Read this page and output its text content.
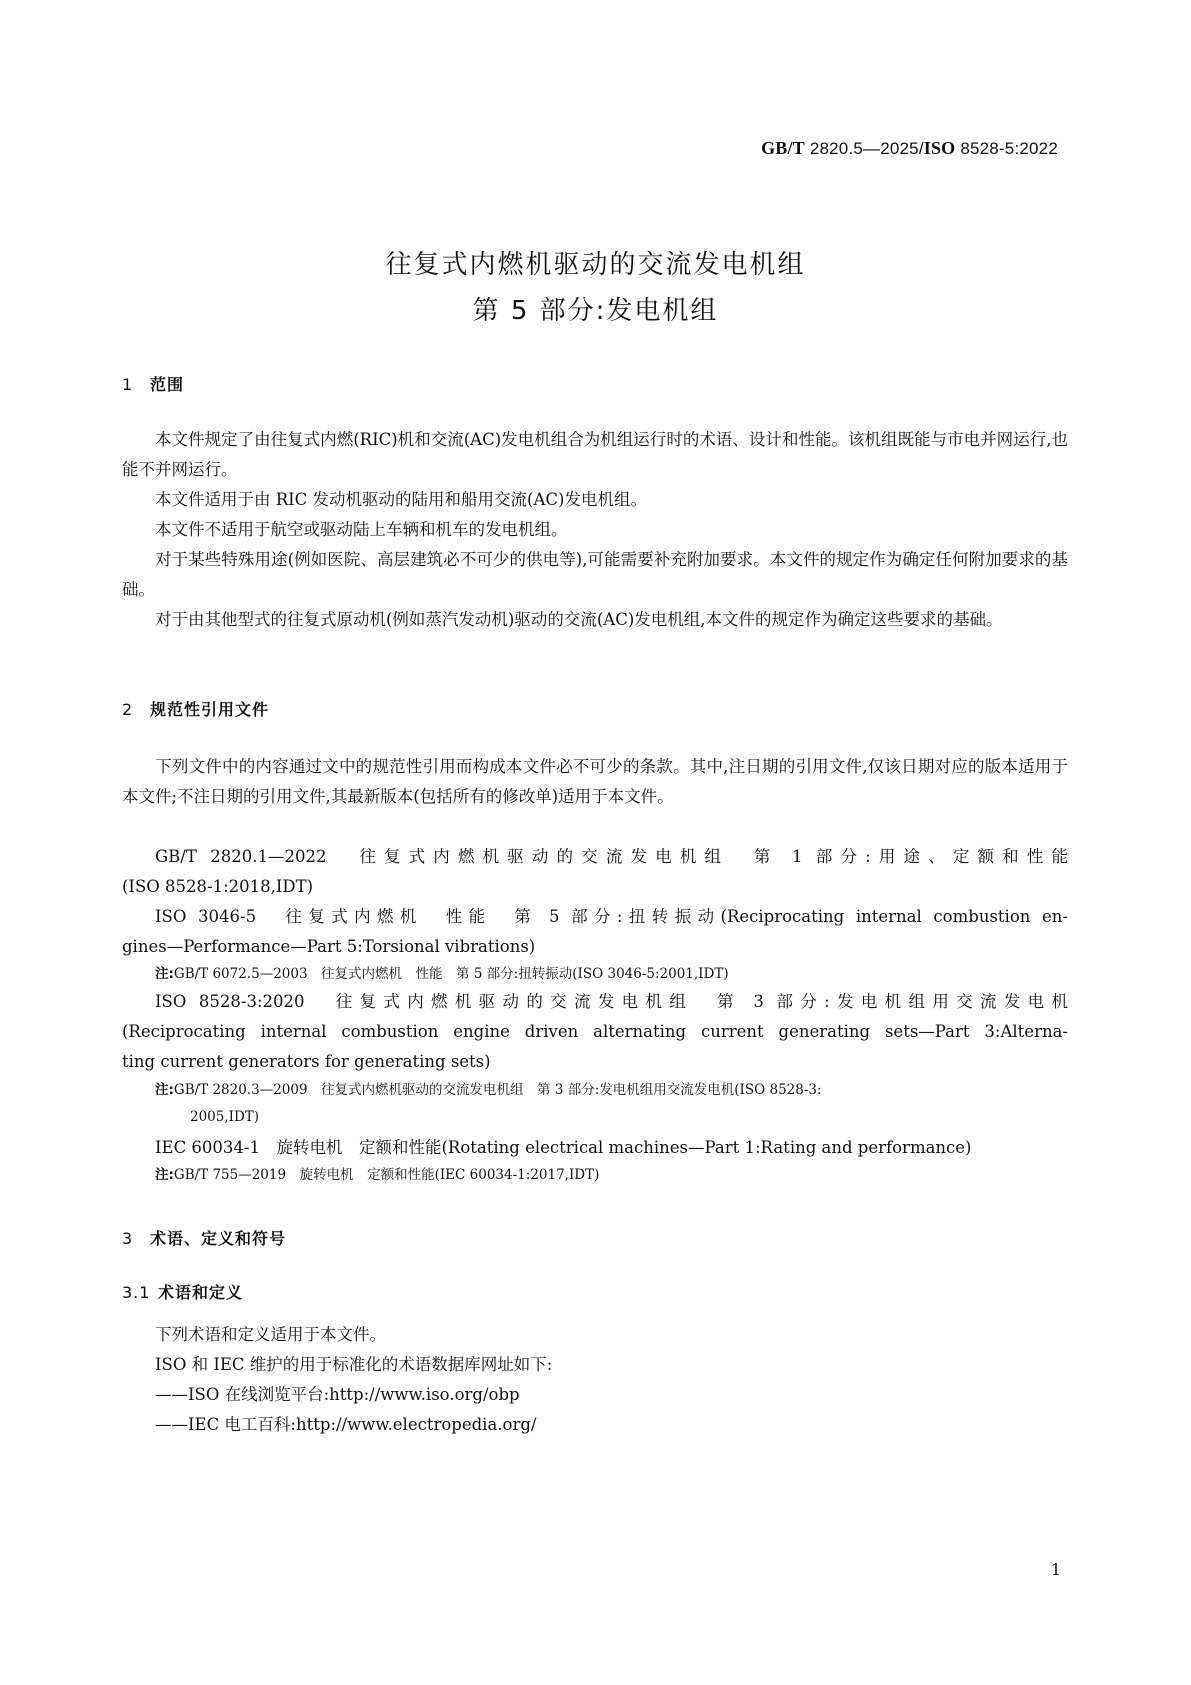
GB/T 2820.5—2025/ISO 8528-5:2022
往复式内燃机驱动的交流发电机组
第 5 部分:发电机组
1 范围
本文件规定了由往复式内燃(RIC)机和交流(AC)发电机组合为机组运行时的术语、设计和性能。该机组既能与市电并网运行,也能不并网运行。
本文件适用于由 RIC 发动机驱动的陆用和船用交流(AC)发电机组。
本文件不适用于航空或驱动陆上车辆和机车的发电机组。
对于某些特殊用途(例如医院、高层建筑必不可少的供电等),可能需要补充附加要求。本文件的规定作为确定任何附加要求的基础。
对于由其他型式的往复式原动机(例如蒸汽发动机)驱动的交流(AC)发电机组,本文件的规定作为确定这些要求的基础。
2 规范性引用文件
下列文件中的内容通过文中的规范性引用而构成本文件必不可少的条款。其中,注日期的引用文件,仅该日期对应的版本适用于本文件;不注日期的引用文件,其最新版本(包括所有的修改单)适用于本文件。
GB/T 2820.1—2022　往复式内燃机驱动的交流发电机组　第 1 部分:用途、定额和性能
(ISO 8528-1:2018,IDT)
ISO 3046-5　往复式内燃机　性能　第 5 部分:扭转振动(Reciprocating internal combustion en-
gines—Performance—Part 5:Torsional vibrations)
注:GB/T 6072.5—2003　往复式内燃机　性能　第 5 部分:扭转振动(ISO 3046-5:2001,IDT)
ISO 8528-3:2020　往复式内燃机驱动的交流发电机组　第 3 部分:发电机组用交流发电机
(Reciprocating internal combustion engine driven alternating current generating sets—Part 3:Alterna-
ting current generators for generating sets)
注:GB/T 2820.3—2009　往复式内燃机驱动的交流发电机组　第 3 部分:发电机组用交流发电机(ISO 8528-3:
2005,IDT)
IEC 60034-1　旋转电机　定额和性能(Rotating electrical machines—Part 1:Rating and performance)
注:GB/T 755—2019　旋转电机　定额和性能(IEC 60034-1:2017,IDT)
3 术语、定义和符号
3.1 术语和定义
下列术语和定义适用于本文件。
ISO 和 IEC 维护的用于标准化的术语数据库网址如下:
——ISO 在线浏览平台:http://www.iso.org/obp
——IEC 电工百科:http://www.electropedia.org/
1
